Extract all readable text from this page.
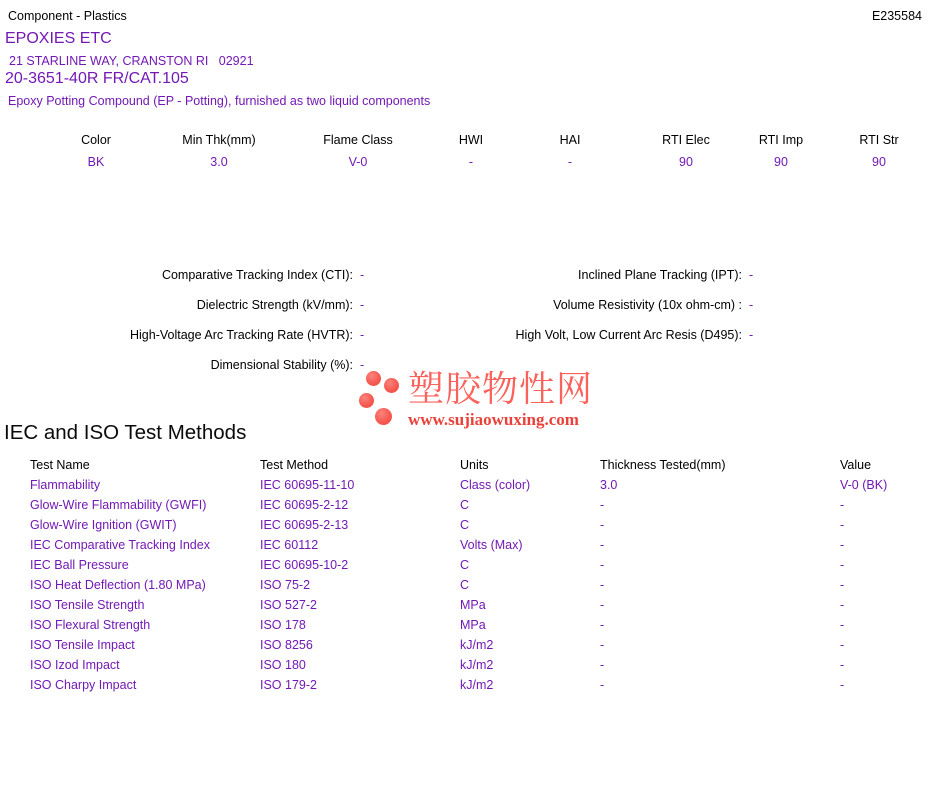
Component - Plastics	E235584
EPOXIES ETC
21 STARLINE WAY, CRANSTON RI   02921
20-3651-40R FR/CAT.105
Epoxy Potting Compound (EP - Potting), furnished as two liquid components
Color	Min Thk(mm)	Flame Class	HWI	HAI	RTI Elec	RTI Imp	RTI Str
BK	3.0	V-0	-	-	90	90	90
Comparative Tracking Index (CTI): -
Dielectric Strength (kV/mm): -
High-Voltage Arc Tracking Rate (HVTR): -
Dimensional Stability (%): -
Inclined Plane Tracking (IPT): -
Volume Resistivity (10x ohm-cm) : -
High Volt, Low Current Arc Resis (D495): -
塑胶物性网
www.sujiaowuxing.com
IEC and ISO Test Methods
Test Name	Test Method	Units	Thickness Tested(mm)	Value
Flammability	IEC 60695-11-10	Class (color)	3.0	V-0 (BK)
Glow-Wire Flammability (GWFI)	IEC 60695-2-12	C	-	-
Glow-Wire Ignition (GWIT)	IEC 60695-2-13	C	-	-
IEC Comparative Tracking Index	IEC 60112	Volts (Max)	-	-
IEC Ball Pressure	IEC 60695-10-2	C	-	-
ISO Heat Deflection (1.80 MPa)	ISO 75-2	C	-	-
ISO Tensile Strength	ISO 527-2	MPa	-	-
ISO Flexural Strength	ISO 178	MPa	-	-
ISO Tensile Impact	ISO 8256	kJ/m2	-	-
ISO Izod Impact	ISO 180	kJ/m2	-	-
ISO Charpy Impact	ISO 179-2	kJ/m2	-	-
